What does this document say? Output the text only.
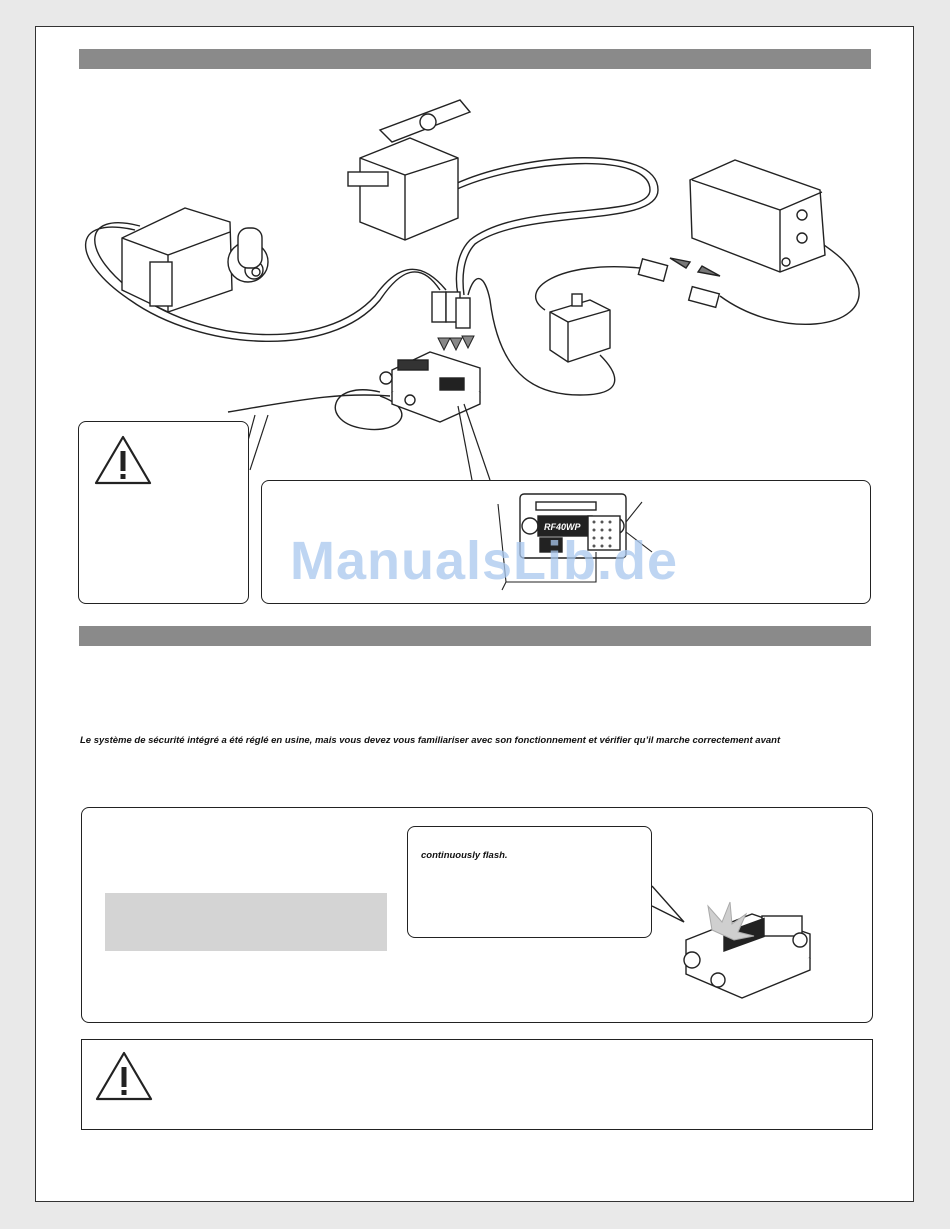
RF40WP
ManualsLib.de
Le système de sécurité intégré a été réglé en usine, mais vous devez vous familiariser avec son fonctionnement et vérifier qu’il marche correctement avant
continuously flash.
